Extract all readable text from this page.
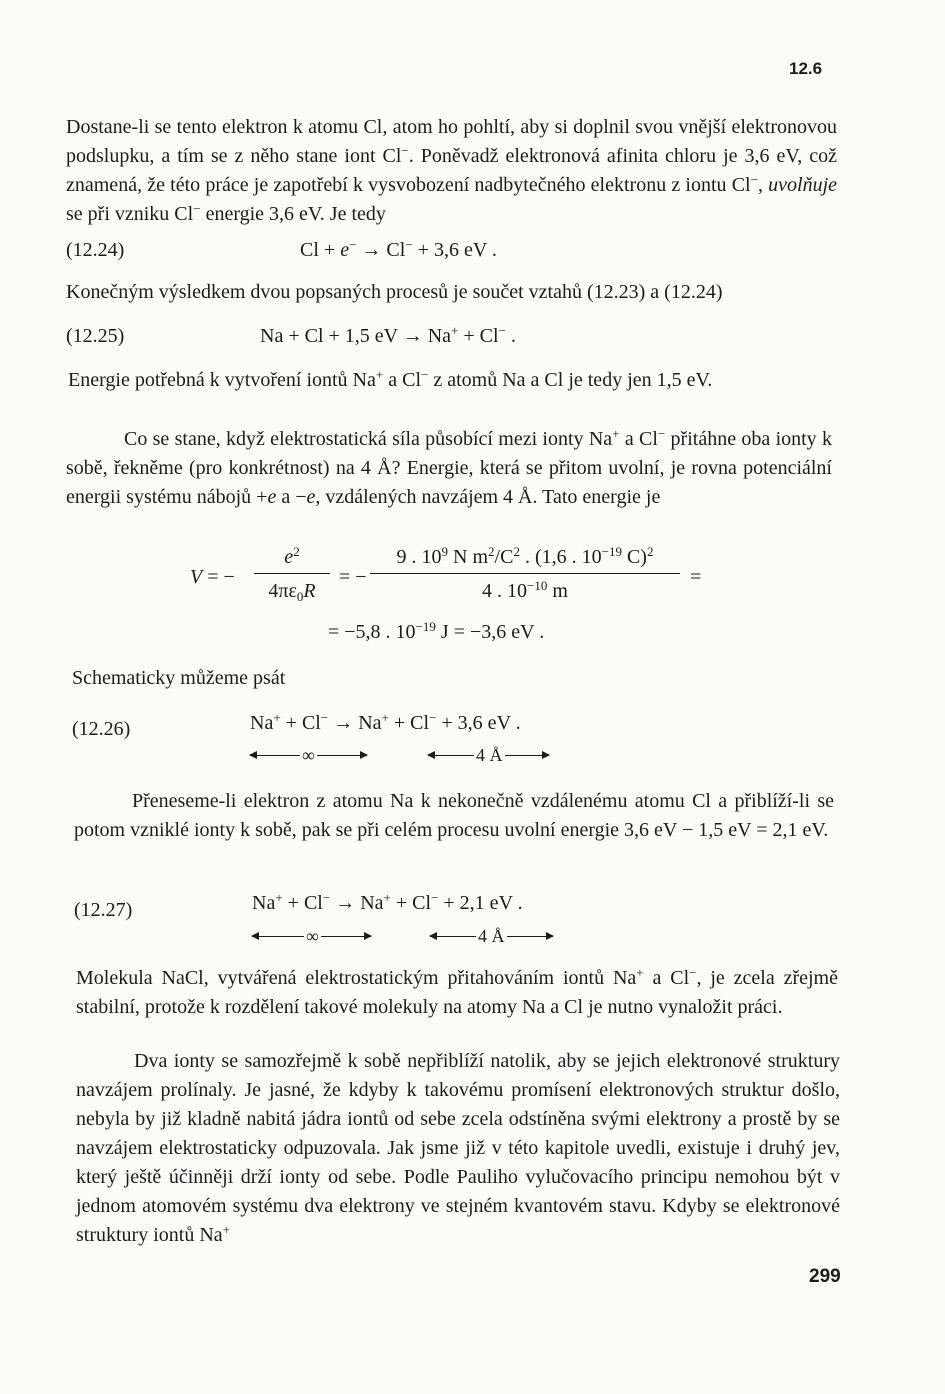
12.6

Dostane-li se tento elektron k atomu Cl, atom ho pohltí, aby si doplnil svou vnější elektronovou podslupku, a tím se z něho stane iont Cl−. Poněvadž elektronová afinita chloru je 3,6 eV, což znamená, že této práce je zapotřebí k vysvobození nadbytečného elektronu z iontu Cl−, uvolňuje se při vzniku Cl− energie 3,6 eV. Je tedy

(12.24)	Cl + e− → Cl− + 3,6 eV .

Konečným výsledkem dvou popsaných procesů je součet vztahů (12.23) a (12.24)

(12.25)	Na + Cl + 1,5 eV → Na+ + Cl− .

Energie potřebná k vytvoření iontů Na+ a Cl− z atomů Na a Cl je tedy jen 1,5 eV.

Co se stane, když elektrostatická síla působící mezi ionty Na+ a Cl− přitáhne oba ionty k sobě, řekněme (pro konkrétnost) na 4 Å? Energie, která se přitom uvolní, je rovna potenciální energii systému nábojů +e a −e, vzdálených navzájem 4 Å. Tato energie je

V = −
$e^2$
$4\pi\varepsilon_0R$
= −
9 . $10^9$ N $m^2/C^2$ . (1,6 . $10^{-19}$ C)$^2$
4 . $10^{-10}$ m
=
= −5,8 . $10^{-19}$ J = −3,6 eV .

Schematicky můžeme psát

(12.26)	Na+ + Cl− → Na+ + Cl− + 3,6 eV .
∞	4 Å

Přeneseme-li elektron z atomu Na k nekonečně vzdálenému atomu Cl a přiblíží-li se potom vzniklé ionty k sobě, pak se při celém procesu uvolní energie 3,6 eV − 1,5 eV = 2,1 eV.

(12.27)	Na+ + Cl− → Na+ + Cl− + 2,1 eV .
∞	4 Å

Molekula NaCl, vytvářená elektrostatickým přitahováním iontů Na+ a Cl−, je zcela zřejmě stabilní, protože k rozdělení takové molekuly na atomy Na a Cl je nutno vynaložit práci.

Dva ionty se samozřejmě k sobě nepřiblíží natolik, aby se jejich elektronové struktury navzájem prolínaly. Je jasné, že kdyby k takovému promísení elektronových struktur došlo, nebyla by již kladně nabitá jádra iontů od sebe zcela odstíněna svými elektrony a prostě by se navzájem elektrostaticky odpuzovala. Jak jsme již v této kapitole uvedli, existuje i druhý jev, který ještě účinněji drží ionty od sebe. Podle Pauliho vylučovacího principu nemohou být v jednom atomovém systému dva elektrony ve stejném kvantovém stavu. Kdyby se elektronové struktury iontů Na+

299
